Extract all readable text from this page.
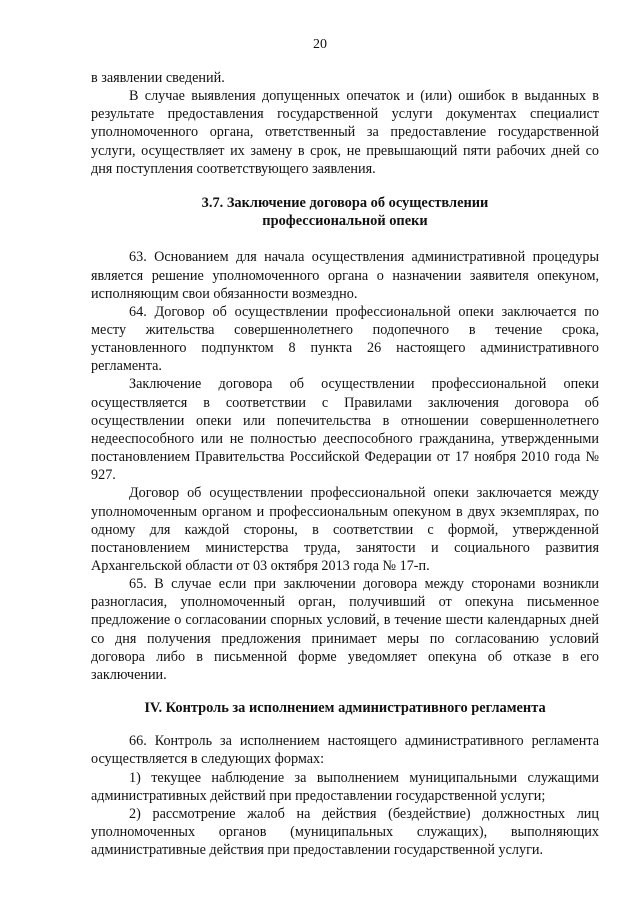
20

в заявлении сведений.

В случае выявления допущенных опечаток и (или) ошибок в выданных в результате предоставления государственной услуги документах специалист уполномоченного органа, ответственный за предоставление государственной услуги, осуществляет их замену в срок, не превышающий пяти рабочих дней со дня поступления соответствующего заявления.

3.7. Заключение договора об осуществлении

профессиональной опеки

63. Основанием для начала осуществления административной процедуры является решение уполномоченного органа о назначении заявителя опекуном, исполняющим свои обязанности возмездно.

64. Договор об осуществлении профессиональной опеки заключается по месту жительства совершеннолетнего подопечного в течение срока, установленного подпунктом 8 пункта 26 настоящего административного регламента.

Заключение договора об осуществлении профессиональной опеки осуществляется в соответствии с Правилами заключения договора об осуществлении опеки или попечительства в отношении совершеннолетнего недееспособного или не полностью дееспособного гражданина, утвержденными постановлением Правительства Российской Федерации от 17 ноября 2010 года № 927.

Договор об осуществлении профессиональной опеки заключается между уполномоченным органом и профессиональным опекуном в двух экземплярах, по одному для каждой стороны, в соответствии с формой, утвержденной постановлением министерства труда, занятости и социального развития Архангельской области от 03 октября 2013 года № 17-п.

65. В случае если при заключении договора между сторонами возникли разногласия, уполномоченный орган, получивший от опекуна письменное предложение о согласовании спорных условий, в течение шести календарных дней со дня получения предложения принимает меры по согласованию условий договора либо в письменной форме уведомляет опекуна об отказе в его заключении.

IV. Контроль за исполнением административного регламента

66. Контроль за исполнением настоящего административного регламента осуществляется в следующих формах:

1) текущее наблюдение за выполнением муниципальными служащими административных действий при предоставлении государственной услуги;

2) рассмотрение жалоб на действия (бездействие) должностных лиц уполномоченных органов (муниципальных служащих), выполняющих административные действия при предоставлении государственной услуги.
